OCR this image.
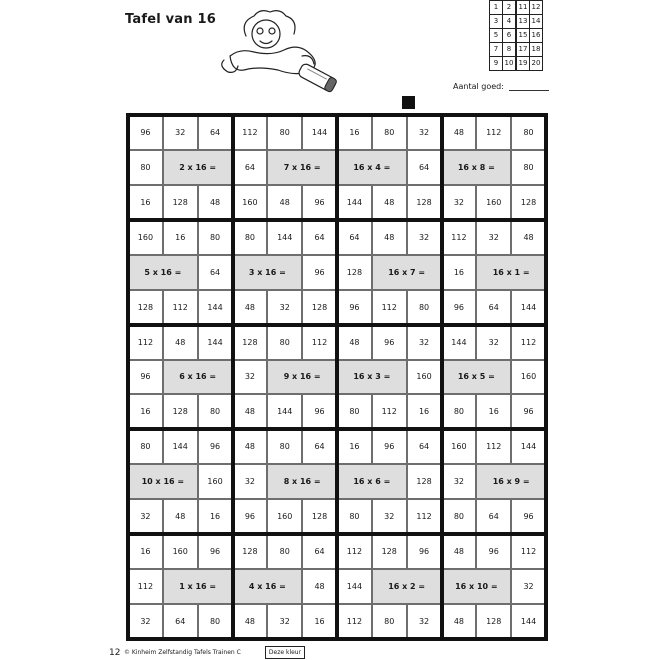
Tafel van 16
1	2	11	12
3	4	13	14
5	6	15	16
7	8	17	18
9	10	19	20
Aantal goed:
96	32	64	112	80	144	16	80	32	48	112	80
80	2 x 16 =	64	7 x 16 =	16 x 4 =	64	16 x 8 =	80
16	128	48	160	48	96	144	48	128	32	160	128
160	16	80	80	144	64	64	48	32	112	32	48
5 x 16 =	64	3 x 16 =	96	128	16 x 7 =	16	16 x 1 =
128	112	144	48	32	128	96	112	80	96	64	144
112	48	144	128	80	112	48	96	32	144	32	112
96	6 x 16 =	32	9 x 16 =	16 x 3 =	160	16 x 5 =	160
16	128	80	48	144	96	80	112	16	80	16	96
80	144	96	48	80	64	16	96	64	160	112	144
10 x 16 =	160	32	8 x 16 =	16 x 6 =	128	32	16 x 9 =
32	48	16	96	160	128	80	32	112	80	64	96
16	160	96	128	80	64	112	128	96	48	96	112
112	1 x 16 =	4 x 16 =	48	144	16 x 2 =	16 x 10 =	32
32	64	80	48	32	16	112	80	32	48	128	144
12 © Kinheim Zelfstandig Tafels Trainen C	Deze kleur
